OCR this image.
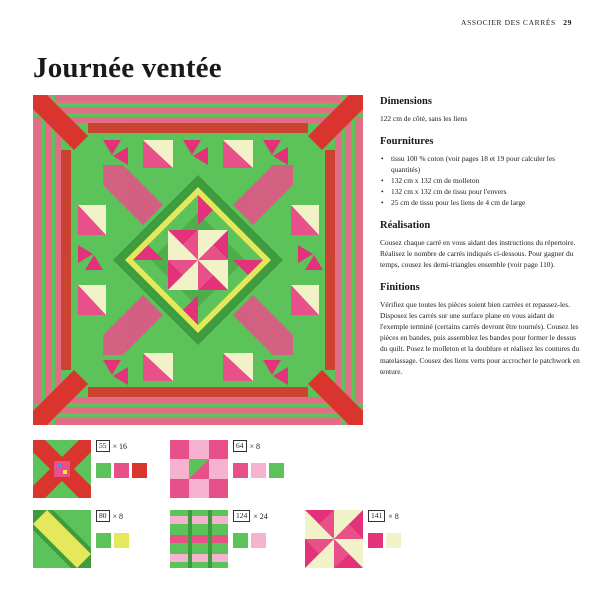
ASSOCIER DES CARRÉS 29
Journée ventée
Dimensions

122 cm de côté, sans les liens

Fournitures
• tissu 100 % coton (voir pages 18 et 19 pour calculer les quantités)
• 132 cm x 132 cm de molleton
• 132 cm x 132 cm de tissu pour l'envers
• 25 cm de tissu pour les liens de 4 cm de large
Réalisation

Cousez chaque carré en vous aidant des instructions du répertoire. Réalisez le nombre de carrés indiqués ci-dessous. Pour gagner du temps, cousez les demi-triangles ensemble (voir page 110).

Finitions

Vérifiez que toutes les pièces soient bien carrées et repassez-les. Disposez les carrés sur une surface plane en vous aidant de l'exemple terminé (certains carrés devront être tournés). Cousez les pièces en bandes, puis assemblez les bandes pour former le dessus du quilt. Posez le molleton et la doublure et réalisez les coutures du matelassage. Cousez des liens verts pour accrocher le patchwork en tenture.

55 × 16	64 × 8
80 × 8	124 × 24	141 × 8
